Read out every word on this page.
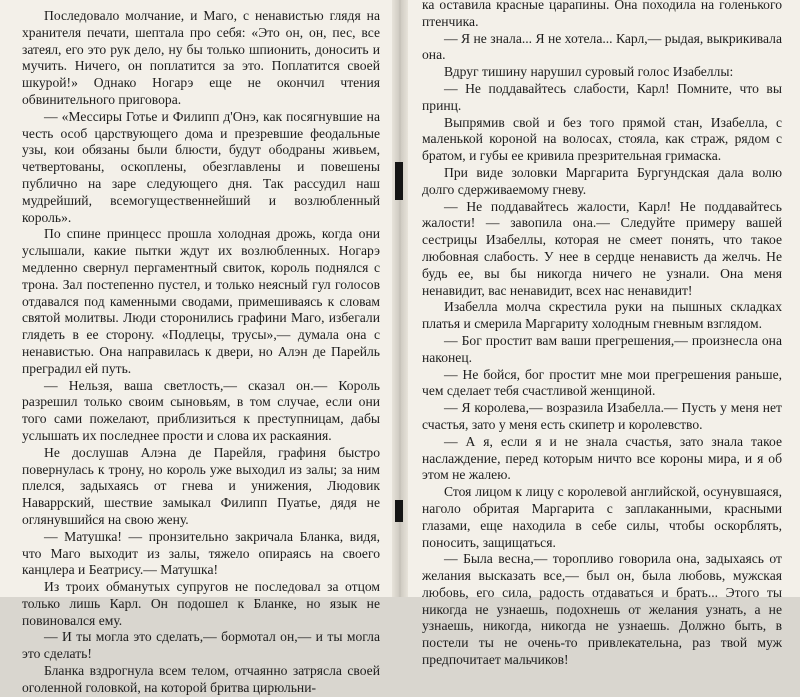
Последовало молчание, и Маго, с ненавистью глядя на хранителя печати, шептала про себя: «Это он, он, пес, все затеял, его это рук дело, ну бы только шпионить, доносить и мучить. Ничего, он поплатится за это. Поплатится своей шкурой!» Однако Ногарэ еще не окончил чтения обвинительного приговора.

— «Мессиры Готье и Филипп д'Онэ, как посягнувшие на честь особ царствующего дома и презревшие феодальные узы, кои обязаны были блюсти, будут ободраны живьем, четвертованы, оскоплены, обезглавлены и повешены публично на заре следующего дня. Так рассудил наш мудрейший, всемогущественнейший и возлюбленный король».

По спине принцесс прошла холодная дрожь, когда они услышали, какие пытки ждут их возлюбленных. Ногарэ медленно свернул пергаментный свиток, король поднялся с трона. Зал постепенно пустел, и только неясный гул голосов отдавался под каменными сводами, примешиваясь к словам святой молитвы. Люди сторонились графини Маго, избегали глядеть в ее сторону. «Подлецы, трусы»,— думала она с ненавистью. Она направилась к двери, но Алэн де Парейль преградил ей путь.

— Нельзя, ваша светлость,— сказал он.— Король разрешил только своим сыновьям, в том случае, если они того сами пожелают, приблизиться к преступницам, дабы услышать их последнее прости и слова их раскаяния.

Не дослушав Алэна де Парейля, графиня быстро повернулась к трону, но король уже выходил из залы; за ним плелся, задыхаясь от гнева и унижения, Людовик Наваррский, шествие замыкал Филипп Пуатье, дядя не оглянувшийся на свою жену.

— Матушка! — пронзительно закричала Бланка, видя, что Маго выходит из залы, тяжело опираясь на своего канцлера и Беатрису.— Матушка!

Из троих обманутых супругов не последовал за отцом только лишь Карл. Он подошел к Бланке, но язык не повиновался ему.

— И ты могла это сделать,— бормотал он,— и ты могла это сделать!

Бланка вздрогнула всем телом, отчаянно затрясла своей оголенной головкой, на которой бритва цирюльни-

ка оставила красные царапины. Она походила на голенького птенчика.

— Я не знала... Я не хотела... Карл,— рыдая, выкрикивала она.

Вдруг тишину нарушил суровый голос Изабеллы:

— Не поддавайтесь слабости, Карл! Помните, что вы принц.

Выпрямив свой и без того прямой стан, Изабелла, с маленькой короной на волосах, стояла, как страж, рядом с братом, и губы ее кривила презрительная гримаска.

При виде золовки Маргарита Бургундская дала волю долго сдерживаемому гневу.

— Не поддавайтесь жалости, Карл! Не поддавайтесь жалости! — завопила она.— Следуйте примеру вашей сестрицы Изабеллы, которая не смеет понять, что такое любовная слабость. У нее в сердце ненависть да желчь. Не будь ее, вы бы никогда ничего не узнали. Она меня ненавидит, вас ненавидит, всех нас ненавидит!

Изабелла молча скрестила руки на пышных складках платья и смерила Маргариту холодным гневным взглядом.

— Бог простит вам ваши прегрешения,— произнесла она наконец.

— Не бойся, бог простит мне мои прегрешения раньше, чем сделает тебя счастливой женщиной.

— Я королева,— возразила Изабелла.— Пусть у меня нет счастья, зато у меня есть скипетр и королевство.

— А я, если я и не знала счастья, зато знала такое наслаждение, перед которым ничто все короны мира, и я об этом не жалею.

Стоя лицом к лицу с королевой английской, осунувшаяся, наголо обритая Маргарита с заплаканными, красными глазами, еще находила в себе силы, чтобы оскорблять, поносить, защищаться.

— Была весна,— торопливо говорила она, задыхаясь от желания высказать все,— был он, была любовь, мужская любовь, его сила, радость отдаваться и брать... Этого ты никогда не узнаешь, подохнешь от желания узнать, а не узнаешь, никогда, никогда не узнаешь. Должно быть, в постели ты не очень-то привлекательна, раз твой муж предпочитает мальчиков!
